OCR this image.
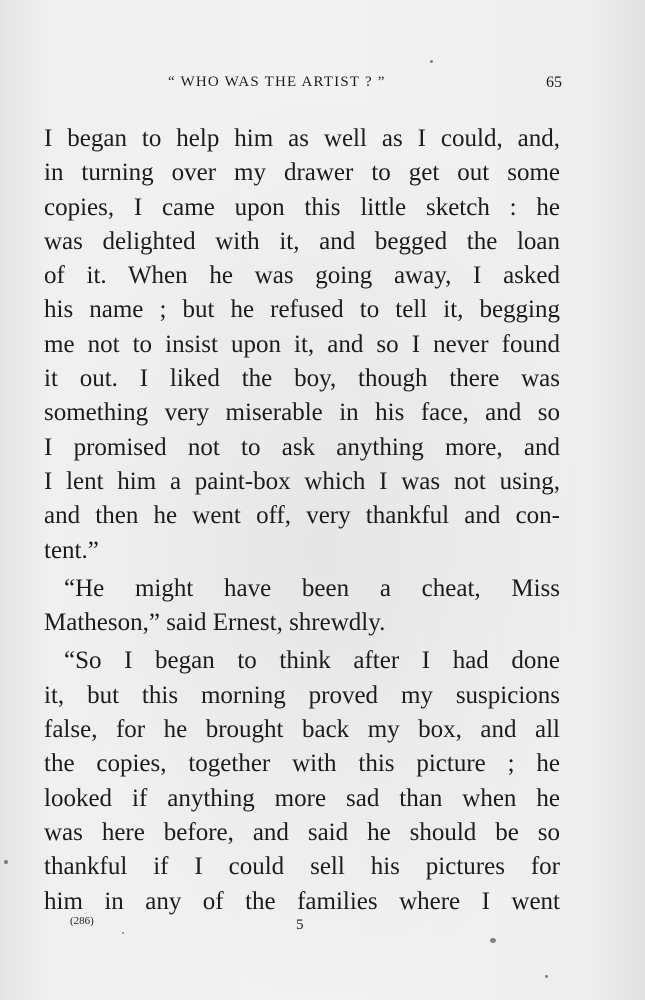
“ WHO WAS THE ARTIST ? ”	65
I began to help him as well as I could, and,
in turning over my drawer to get out some
copies, I came upon this little sketch : he
was delighted with it, and begged the loan
of it. When he was going away, I asked
his name ; but he refused to tell it, begging
me not to insist upon it, and so I never found
it out. I liked the boy, though there was
something very miserable in his face, and so
I promised not to ask anything more, and
I lent him a paint-box which I was not using,
and then he went off, very thankful and con-
tent.”
“He might have been a cheat, Miss
Matheson,” said Ernest, shrewdly.
“So I began to think after I had done
it, but this morning proved my suspicions
false, for he brought back my box, and all
the copies, together with this picture ; he
looked if anything more sad than when he
was here before, and said he should be so
thankful if I could sell his pictures for
him in any of the families where I went
(286)	5
